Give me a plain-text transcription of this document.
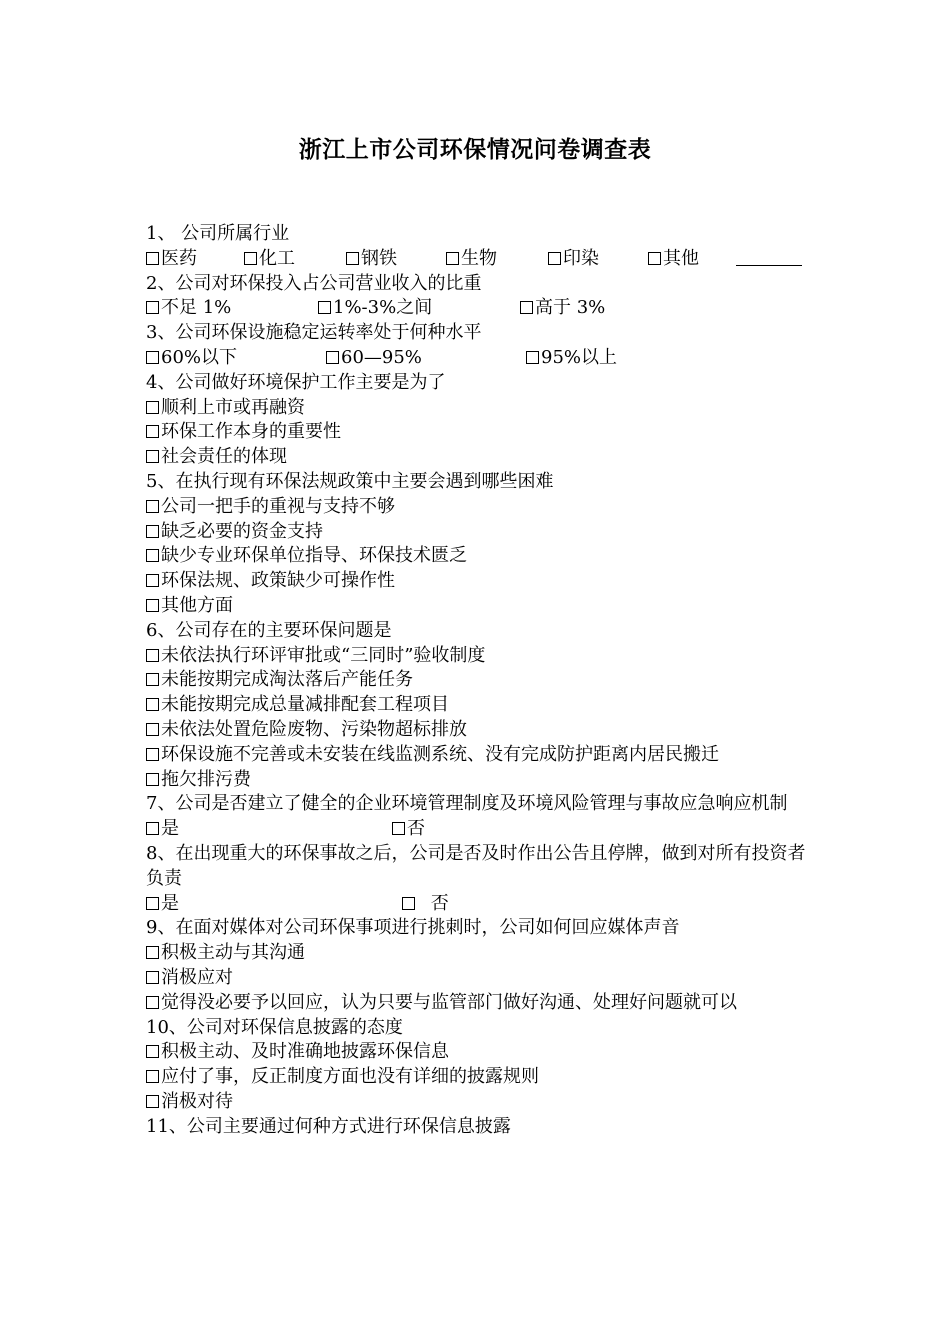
浙江上市公司环保情况问卷调查表
1、 公司所属行业
医药	化工	钢铁	生物	印染	其他
2、公司对环保投入占公司营业收入的比重
不足 1%	1%-3%之间	高于 3%
3、公司环保设施稳定运转率处于何种水平
60%以下	60—95%	95%以上
4、公司做好环境保护工作主要是为了
顺利上市或再融资
环保工作本身的重要性
社会责任的体现
5、在执行现有环保法规政策中主要会遇到哪些困难
公司一把手的重视与支持不够
缺乏必要的资金支持
缺少专业环保单位指导、环保技术匮乏
环保法规、政策缺少可操作性
其他方面
6、公司存在的主要环保问题是
未依法执行环评审批或“三同时”验收制度
未能按期完成淘汰落后产能任务
未能按期完成总量减排配套工程项目
未依法处置危险废物、污染物超标排放
环保设施不完善或未安装在线监测系统、没有完成防护距离内居民搬迁
拖欠排污费
7、公司是否建立了健全的企业环境管理制度及环境风险管理与事故应急响应机制
是	否
8、在出现重大的环保事故之后，公司是否及时作出公告且停牌，做到对所有投资者负责
是	否
9、在面对媒体对公司环保事项进行挑刺时，公司如何回应媒体声音
积极主动与其沟通
消极应对
觉得没必要予以回应，认为只要与监管部门做好沟通、处理好问题就可以
10、公司对环保信息披露的态度
积极主动、及时准确地披露环保信息
应付了事，反正制度方面也没有详细的披露规则
消极对待
11、公司主要通过何种方式进行环保信息披露
